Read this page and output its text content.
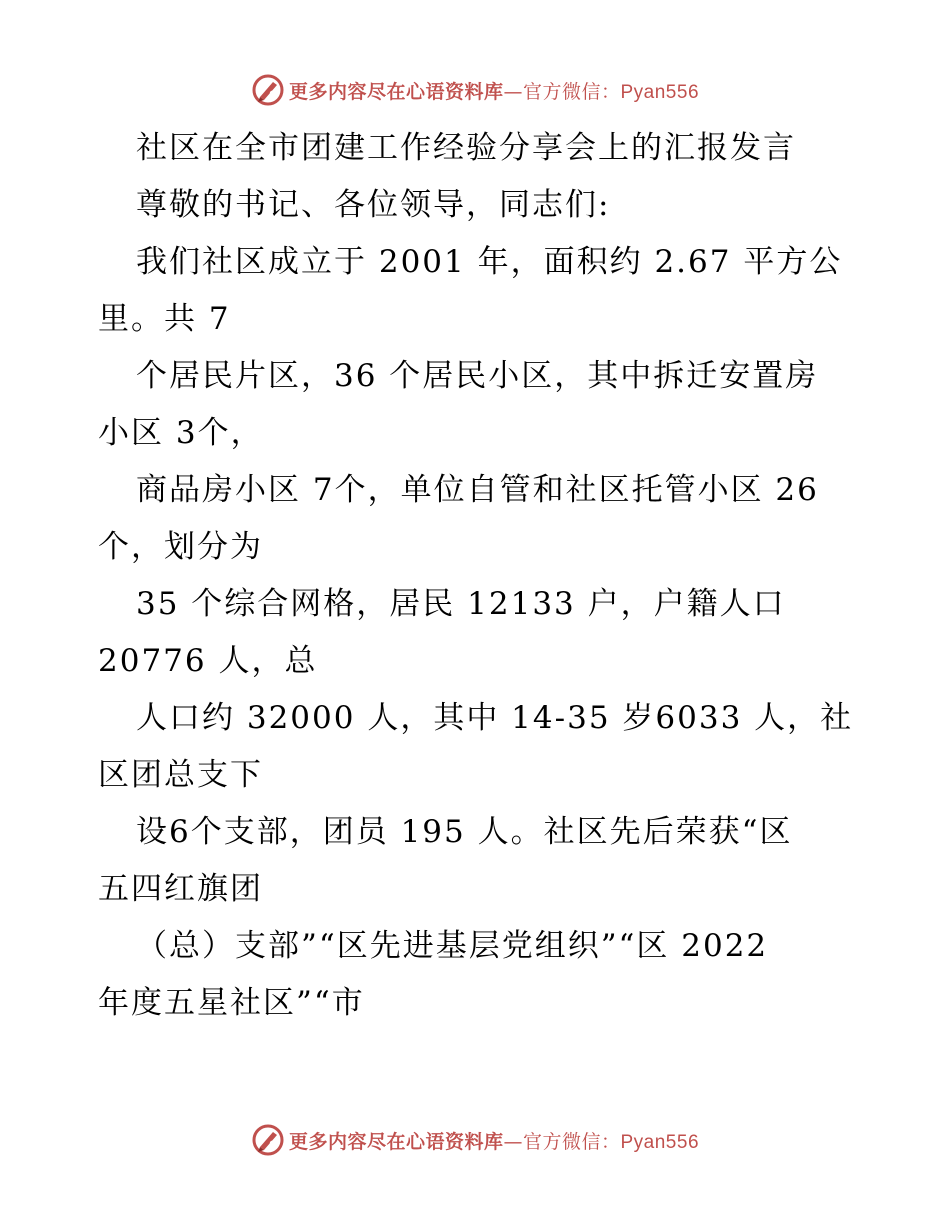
更多内容尽在心语资料库—官方微信：Pyan556
社区在全市团建工作经验分享会上的汇报发言
尊敬的书记、各位领导，同志们:
我们社区成立于 2001 年，面积约 2.67 平方公
里。共 7
个居民片区，36 个居民小区，其中拆迁安置房
小区 3个，
商品房小区 7个，单位自管和社区托管小区 26
个，划分为
35 个综合网格，居民 12133 户，户籍人口
20776 人，总
人口约 32000 人，其中 14-35 岁6033 人，社
区团总支下
设6个支部，团员 195 人。社区先后荣获“区
五四红旗团
（总）支部”“区先进基层党组织”“区 2022
年度五星社区”“市
更多内容尽在心语资料库—官方微信：Pyan556
